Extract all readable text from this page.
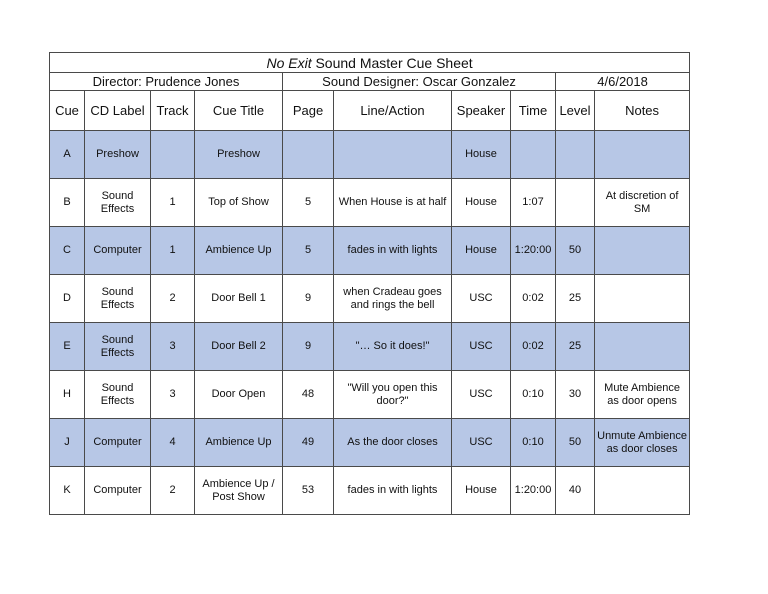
No Exit Sound Master Cue Sheet									
Director: Prudence Jones				Sound Designer: Oscar Gonzalez				4/6/2018	
Cue	CD Label	Track	Cue Title	Page	Line/Action	Speaker	Time	Level	Notes
A	Preshow		Preshow			House			
B	Sound Effects	1	Top of Show	5	When House is at half	House	1:07		At discretion of SM
C	Computer	1	Ambience Up	5	fades in with lights	House	1:20:00	50	
D	Sound Effects	2	Door Bell 1	9	when Cradeau goes and rings the bell	USC	0:02	25	
E	Sound Effects	3	Door Bell 2	9	"… So it does!"	USC	0:02	25	
H	Sound Effects	3	Door Open	48	"Will you open this door?"	USC	0:10	30	Mute Ambience as door opens
J	Computer	4	Ambience Up	49	As the door closes	USC	0:10	50	Unmute Ambience as door closes
K	Computer	2	Ambience Up / Post Show	53	fades in with lights	House	1:20:00	40	
